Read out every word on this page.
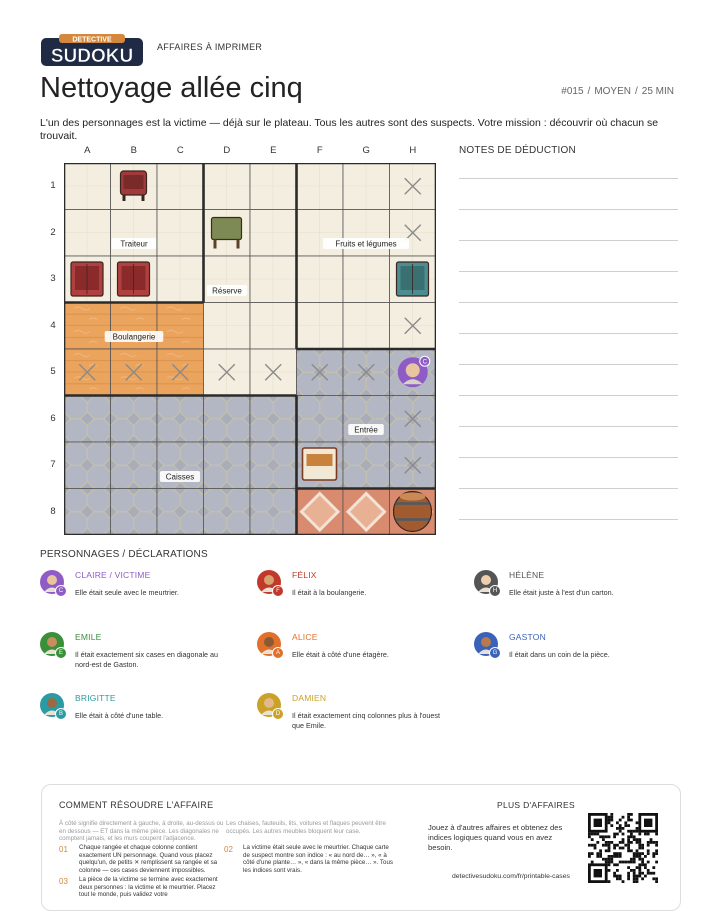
DETECTIVE
SUDOKU	AFFAIRES À IMPRIMER
Nettoyage allée cinq	#015 / MOYEN / 25 MIN
L'un des personnages est la victime — déjà sur le plateau. Tous les autres sont des suspects. Votre mission : découvrir où chacun se trouvait.
A	B	C	D	E	F	G	H
1
2
3
4
5
6
7
8
C
Traiteur	Fruits et légumes
Réserve
Boulangerie
Entrée
Caisses
NOTES DE DÉDUCTION
PERSONNAGES / DÉCLARATIONS
C
CLAIRE / VICTIME
Elle était seule avec le meurtrier.	F
FÉLIX
Il était à la boulangerie.	H
HÉLÈNE
Elle était juste à l'est d'un carton.
E
EMILE
Il était exactement six cases en diagonale au nord-est de Gaston.
A
ALICE
Elle était à côté d'une étagère.	G
GASTON
Il était dans un coin de la pièce.
B
BRIGITTE
Elle était à côté d'une table.	D
DAMIEN
Il était exactement cinq colonnes plus à l'ouest que Emile.
COMMENT RÉSOUDRE L'AFFAIRE
À côté signifie directement à gauche, à droite, au-dessus ou en dessous — ET dans la même pièce. Les diagonales ne comptent jamais, et les murs coupent l'adjacence.
Les chaises, fauteuils, lits, voitures et flaques peuvent être occupés. Les autres meubles bloquent leur case.
01 Chaque rangée et chaque colonne contient exactement UN personnage. Quand vous placez quelqu'un, de petits ✕ remplissent sa rangée et sa colonne — ces cases deviennent impossibles.
02 La victime était seule avec le meurtrier. Chaque carte de suspect montre son indice : « au nord de… », « à côté d'une plante… », « dans la même pièce… ». Tous les indices sont vrais.
03 La pièce de la victime se termine avec exactement deux personnes : la victime et le meurtrier. Placez tout le monde, puis validez votre
PLUS D'AFFAIRES
Jouez à d'autres affaires et obtenez des indices logiques quand vous en avez besoin.
detectivesudoku.com/fr/printable-cases
